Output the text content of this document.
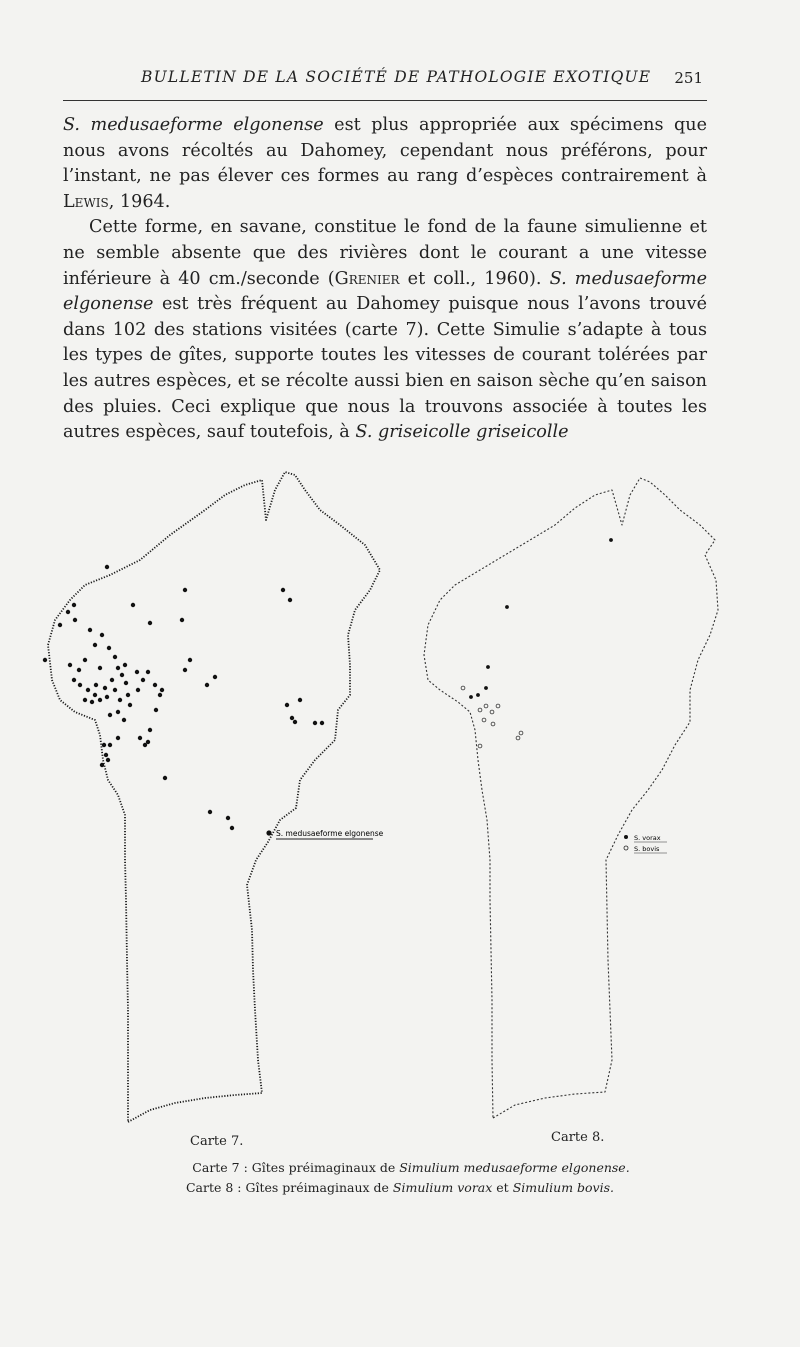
BULLETIN DE LA SOCIÉTÉ DE PATHOLOGIE EXOTIQUE 251

S. medusaeforme elgonense est plus appropriée aux spécimens que nous avons récoltés au Dahomey, cependant nous préférons, pour l’instant, ne pas élever ces formes au rang d’espèces contrairement à Lewis, 1964.

Cette forme, en savane, constitue le fond de la faune simulienne et ne semble absente que des rivières dont le courant a une vitesse inférieure à 40 cm./seconde (Grenier et coll., 1960). S. medusaeforme elgonense est très fréquent au Dahomey puisque nous l’avons trouvé dans 102 des stations visitées (carte 7). Cette Simulie s’adapte à tous les types de gîtes, supporte toutes les vitesses de courant tolérées par les autres espèces, et se récolte aussi bien en saison sèche qu’en saison des pluies. Ceci explique que nous la trouvons associée à toutes les autres espèces, sauf toutefois, à S. griseicolle griseicolle

S. medusaeforme elgonense	S. vorax
S. bovis
Carte 7.	Carte 8.
Carte 7 : Gîtes préimaginaux de Simulium medusaeforme elgonense.
Carte 8 : Gîtes préimaginaux de Simulium vorax et Simulium bovis.
